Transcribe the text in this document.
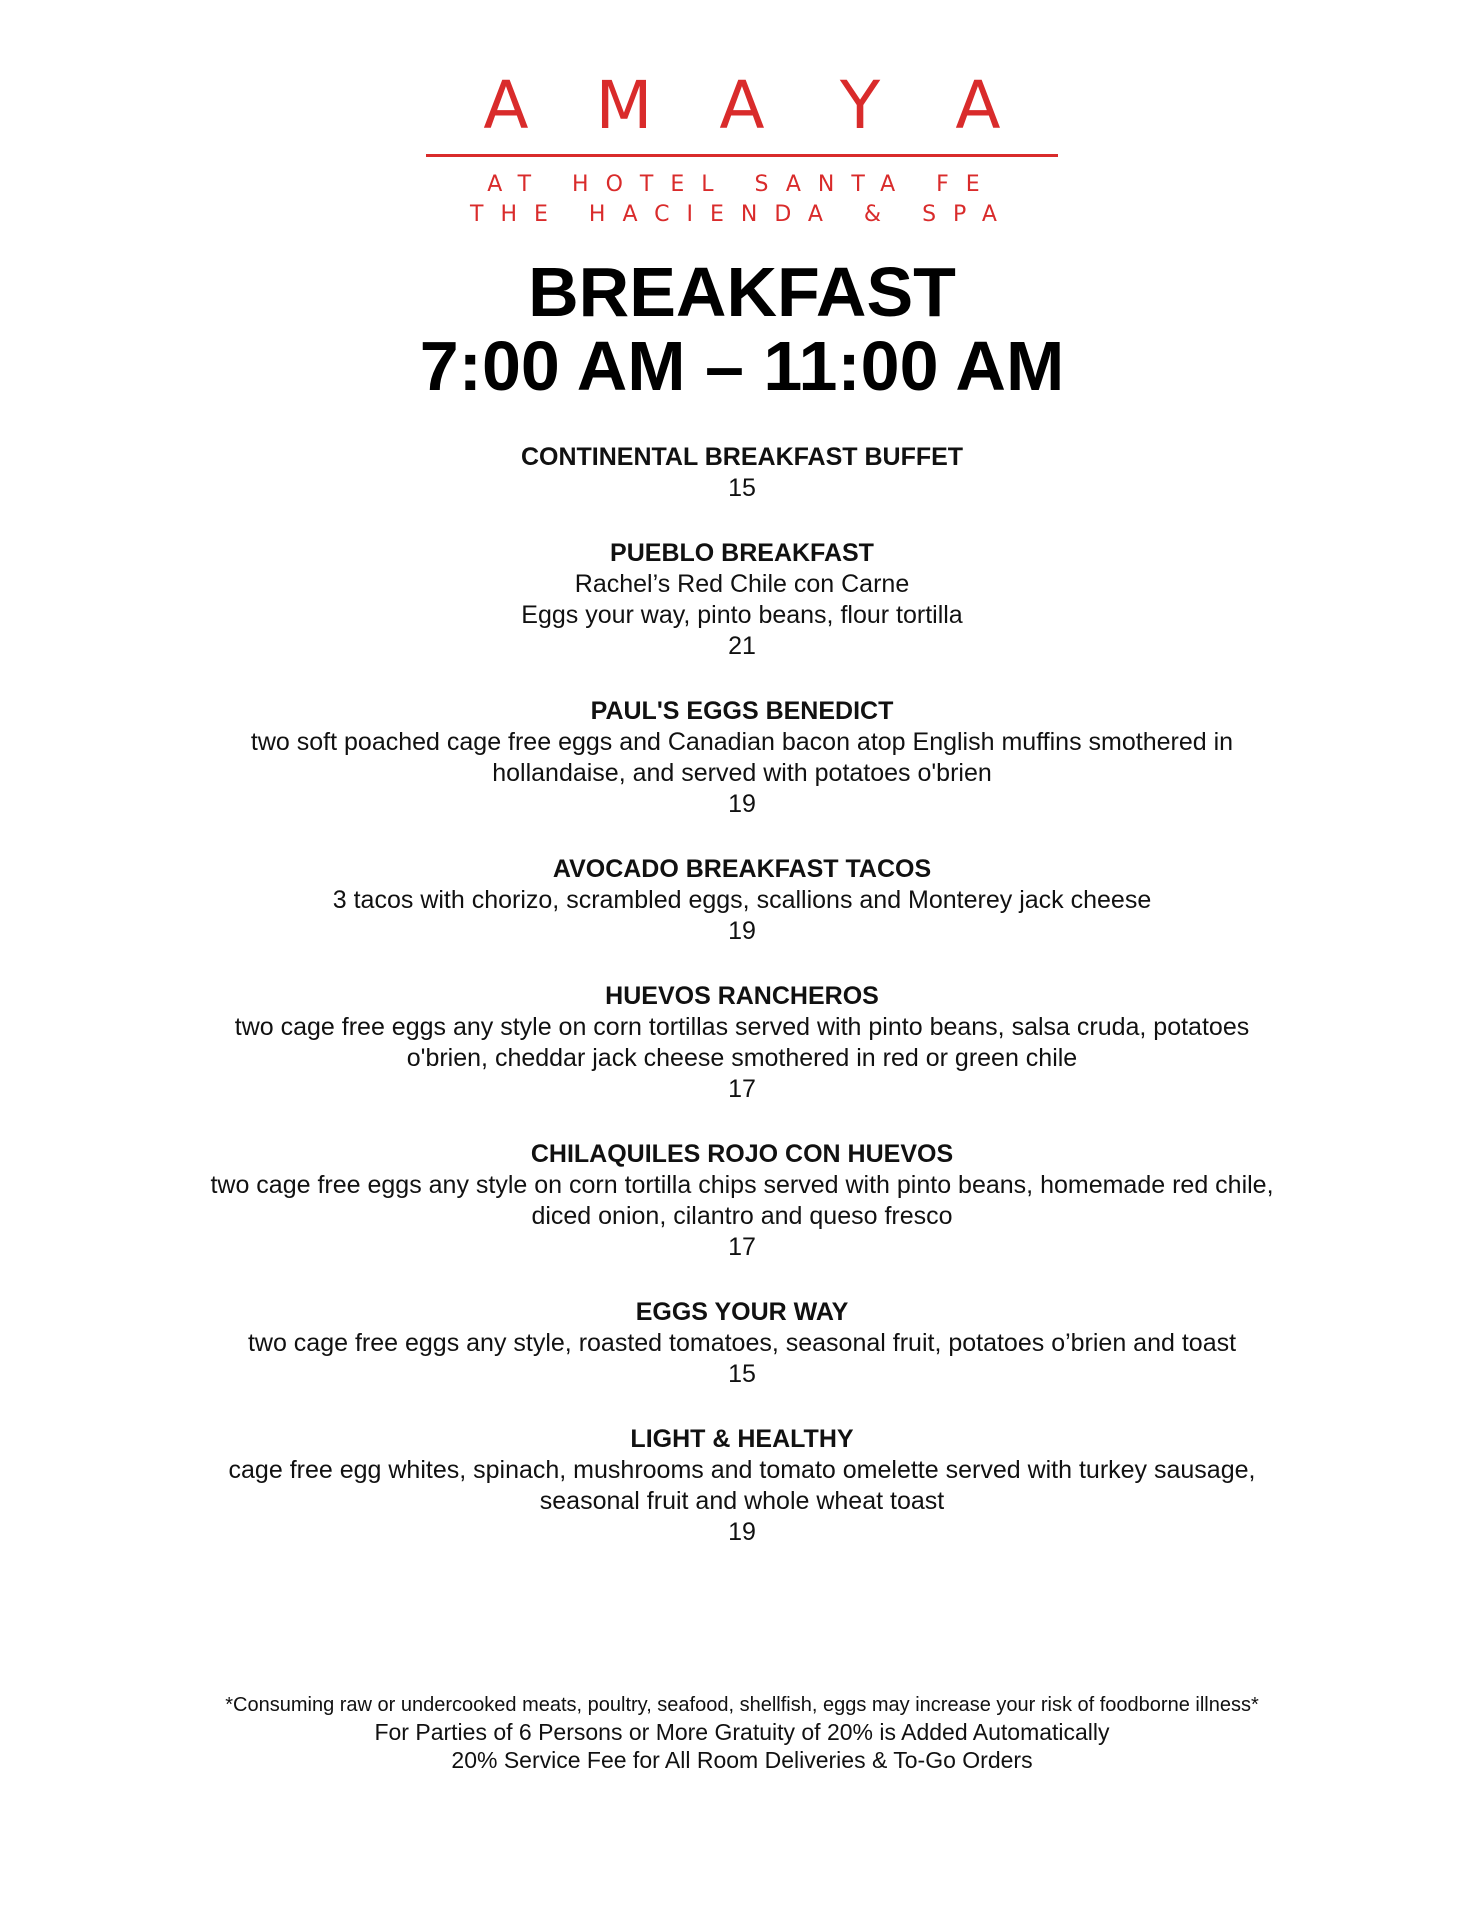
A M A Y A
AT HOTEL SANTA FE
THE HACIENDA & SPA
BREAKFAST
7:00 AM – 11:00 AM
CONTINENTAL BREAKFAST BUFFET
15
PUEBLO BREAKFAST
Rachel’s Red Chile con Carne
Eggs your way, pinto beans, flour tortilla
21
PAUL'S EGGS BENEDICT
two soft poached cage free eggs and Canadian bacon atop English muffins smothered in
hollandaise, and served with potatoes o'brien
19
AVOCADO BREAKFAST TACOS
3 tacos with chorizo, scrambled eggs, scallions and Monterey jack cheese
19
HUEVOS RANCHEROS
two cage free eggs any style on corn tortillas served with pinto beans, salsa cruda, potatoes
o'brien, cheddar jack cheese smothered in red or green chile
17
CHILAQUILES ROJO CON HUEVOS
two cage free eggs any style on corn tortilla chips served with pinto beans, homemade red chile,
diced onion, cilantro and queso fresco
17
EGGS YOUR WAY
two cage free eggs any style, roasted tomatoes, seasonal fruit, potatoes o’brien and toast
15
LIGHT & HEALTHY
cage free egg whites, spinach, mushrooms and tomato omelette served with turkey sausage,
seasonal fruit and whole wheat toast
19
*Consuming raw or undercooked meats, poultry, seafood, shellfish, eggs may increase your risk of foodborne illness*
For Parties of 6 Persons or More Gratuity of 20% is Added Automatically
20% Service Fee for All Room Deliveries & To-Go Orders
